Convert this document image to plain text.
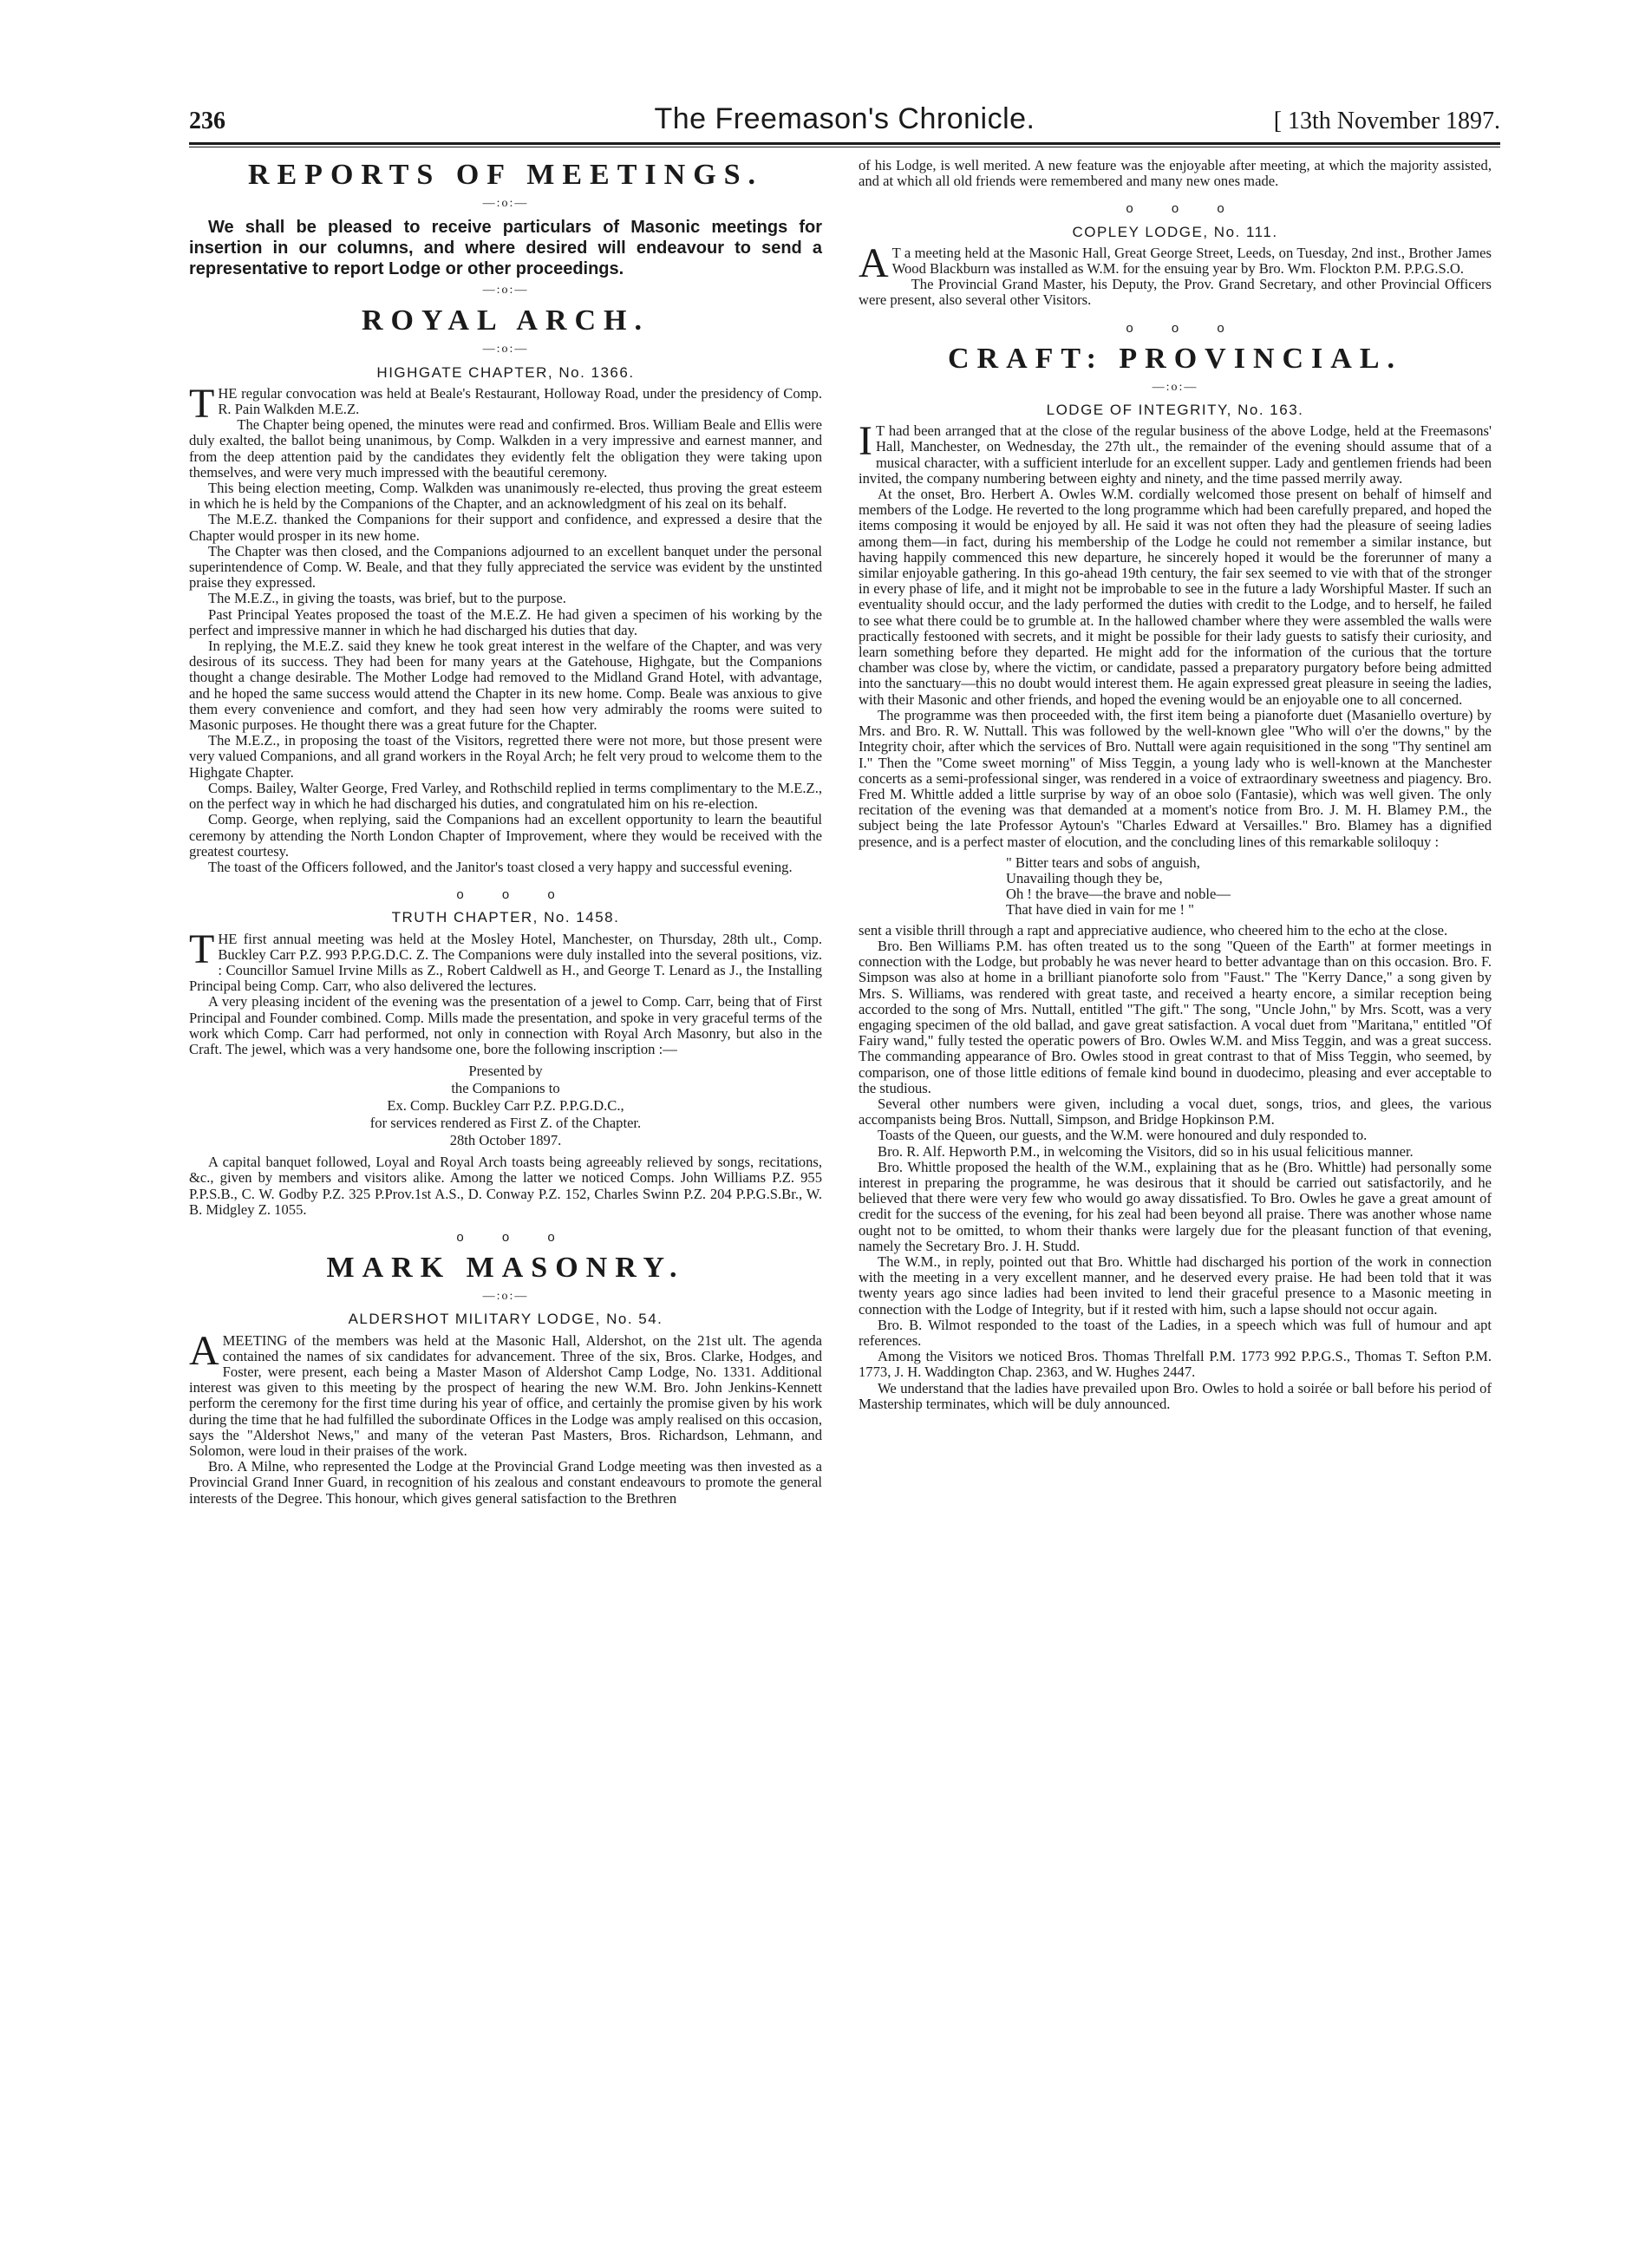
236	The Freemason's Chronicle.	[ 13th November 1897.
REPORTS OF MEETINGS.
—:o:—

We shall be pleased to receive particulars of Masonic meetings for insertion in our columns, and where desired will endeavour to send a representative to report Lodge or other proceedings.

—:o:—
ROYAL ARCH.
—:o:—
HIGHGATE CHAPTER, No. 1366.

THE regular convocation was held at Beale's Restaurant, Holloway Road, under the presidency of Comp. R. Pain Walkden M.E.Z.

The Chapter being opened, the minutes were read and confirmed. Bros. William Beale and Ellis were duly exalted, the ballot being unanimous, by Comp. Walkden in a very impressive and earnest manner, and from the deep attention paid by the candidates they evidently felt the obligation they were taking upon themselves, and were very much impressed with the beautiful ceremony.

This being election meeting, Comp. Walkden was unanimously re-elected, thus proving the great esteem in which he is held by the Companions of the Chapter, and an acknowledgment of his zeal on its behalf.

The M.E.Z. thanked the Companions for their support and confidence, and expressed a desire that the Chapter would prosper in its new home.

The Chapter was then closed, and the Companions adjourned to an excellent banquet under the personal superintendence of Comp. W. Beale, and that they fully appreciated the service was evident by the unstinted praise they expressed.

The M.E.Z., in giving the toasts, was brief, but to the purpose.

Past Principal Yeates proposed the toast of the M.E.Z. He had given a specimen of his working by the perfect and impressive manner in which he had discharged his duties that day.

In replying, the M.E.Z. said they knew he took great interest in the welfare of the Chapter, and was very desirous of its success. They had been for many years at the Gatehouse, Highgate, but the Companions thought a change desirable. The Mother Lodge had removed to the Midland Grand Hotel, with advantage, and he hoped the same success would attend the Chapter in its new home. Comp. Beale was anxious to give them every convenience and comfort, and they had seen how very admirably the rooms were suited to Masonic purposes. He thought there was a great future for the Chapter.

The M.E.Z., in proposing the toast of the Visitors, regretted there were not more, but those present were very valued Companions, and all grand workers in the Royal Arch; he felt very proud to welcome them to the Highgate Chapter.

Comps. Bailey, Walter George, Fred Varley, and Rothschild replied in terms complimentary to the M.E.Z., on the perfect way in which he had discharged his duties, and congratulated him on his re-election.

Comp. George, when replying, said the Companions had an excellent opportunity to learn the beautiful ceremony by attending the North London Chapter of Improvement, where they would be received with the greatest courtesy.

The toast of the Officers followed, and the Janitor's toast closed a very happy and successful evening.

o o o
TRUTH CHAPTER, No. 1458.

THE first annual meeting was held at the Mosley Hotel, Manchester, on Thursday, 28th ult., Comp. Buckley Carr P.Z. 993 P.P.G.D.C. Z. The Companions were duly installed into the several positions, viz. : Councillor Samuel Irvine Mills as Z., Robert Caldwell as H., and George T. Lenard as J., the Installing Principal being Comp. Carr, who also delivered the lectures.

A very pleasing incident of the evening was the presentation of a jewel to Comp. Carr, being that of First Principal and Founder combined. Comp. Mills made the presentation, and spoke in very graceful terms of the work which Comp. Carr had performed, not only in connection with Royal Arch Masonry, but also in the Craft. The jewel, which was a very handsome one, bore the following inscription :—

Presented by

the Companions to

Ex. Comp. Buckley Carr P.Z. P.P.G.D.C.,

for services rendered as First Z. of the Chapter.

28th October 1897.

A capital banquet followed, Loyal and Royal Arch toasts being agreeably relieved by songs, recitations, &c., given by members and visitors alike. Among the latter we noticed Comps. John Williams P.Z. 955 P.P.S.B., C. W. Godby P.Z. 325 P.Prov.1st A.S., D. Conway P.Z. 152, Charles Swinn P.Z. 204 P.P.G.S.Br., W. B. Midgley Z. 1055.

o o o
MARK MASONRY.
—:o:—
ALDERSHOT MILITARY LODGE, No. 54.

AMEETING of the members was held at the Masonic Hall, Aldershot, on the 21st ult. The agenda contained the names of six candidates for advancement. Three of the six, Bros. Clarke, Hodges, and Foster, were present, each being a Master Mason of Aldershot Camp Lodge, No. 1331. Additional interest was given to this meeting by the prospect of hearing the new W.M. Bro. John Jenkins-Kennett perform the ceremony for the first time during his year of office, and certainly the promise given by his work during the time that he had fulfilled the subordinate Offices in the Lodge was amply realised on this occasion, says the "Aldershot News," and many of the veteran Past Masters, Bros. Richardson, Lehmann, and Solomon, were loud in their praises of the work.

Bro. A Milne, who represented the Lodge at the Provincial Grand Lodge meeting was then invested as a Provincial Grand Inner Guard, in recognition of his zealous and constant endeavours to promote the general interests of the Degree. This honour, which gives general satisfaction to the Brethren

of his Lodge, is well merited. A new feature was the enjoyable after meeting, at which the majority assisted, and at which all old friends were remembered and many new ones made.

o o o
COPLEY LODGE, No. 111.

A T a meeting held at the Masonic Hall, Great George Street, Leeds, on Tuesday, 2nd inst., Brother James Wood Blackburn was installed as W.M. for the ensuing year by Bro. Wm. Flockton P.M. P.P.G.S.O.

The Provincial Grand Master, his Deputy, the Prov. Grand Secretary, and other Provincial Officers were present, also several other Visitors.

o o o
CRAFT: PROVINCIAL.
—:o:—
LODGE OF INTEGRITY, No. 163.

I T had been arranged that at the close of the regular business of the above Lodge, held at the Freemasons' Hall, Manchester, on Wednesday, the 27th ult., the remainder of the evening should assume that of a musical character, with a sufficient interlude for an excellent supper. Lady and gentlemen friends had been invited, the company numbering between eighty and ninety, and the time passed merrily away.

At the onset, Bro. Herbert A. Owles W.M. cordially welcomed those present on behalf of himself and members of the Lodge. He reverted to the long programme which had been carefully prepared, and hoped the items composing it would be enjoyed by all. He said it was not often they had the pleasure of seeing ladies among them—in fact, during his membership of the Lodge he could not remember a similar instance, but having happily commenced this new departure, he sincerely hoped it would be the forerunner of many a similar enjoyable gathering. In this go-ahead 19th century, the fair sex seemed to vie with that of the stronger in every phase of life, and it might not be improbable to see in the future a lady Worshipful Master. If such an eventuality should occur, and the lady performed the duties with credit to the Lodge, and to herself, he failed to see what there could be to grumble at. In the hallowed chamber where they were assembled the walls were practically festooned with secrets, and it might be possible for their lady guests to satisfy their curiosity, and learn something before they departed. He might add for the information of the curious that the torture chamber was close by, where the victim, or candidate, passed a preparatory purgatory before being admitted into the sanctuary—this no doubt would interest them. He again expressed great pleasure in seeing the ladies, with their Masonic and other friends, and hoped the evening would be an enjoyable one to all concerned.

The programme was then proceeded with, the first item being a pianoforte duet (Masaniello overture) by Mrs. and Bro. R. W. Nuttall. This was followed by the well-known glee "Who will o'er the downs," by the Integrity choir, after which the services of Bro. Nuttall were again requisitioned in the song "Thy sentinel am I." Then the "Come sweet morning" of Miss Teggin, a young lady who is well-known at the Manchester concerts as a semi-professional singer, was rendered in a voice of extraordinary sweetness and piagency. Bro. Fred M. Whittle added a little surprise by way of an oboe solo (Fantasie), which was well given. The only recitation of the evening was that demanded at a moment's notice from Bro. J. M. H. Blamey P.M., the subject being the late Professor Aytoun's "Charles Edward at Versailles." Bro. Blamey has a dignified presence, and is a perfect master of elocution, and the concluding lines of this remarkable soliloquy :

" Bitter tears and sobs of anguish,
Unavailing though they be,
Oh ! the brave—the brave and noble—
That have died in vain for me ! "

sent a visible thrill through a rapt and appreciative audience, who cheered him to the echo at the close.

Bro. Ben Williams P.M. has often treated us to the song "Queen of the Earth" at former meetings in connection with the Lodge, but probably he was never heard to better advantage than on this occasion. Bro. F. Simpson was also at home in a brilliant pianoforte solo from "Faust." The "Kerry Dance," a song given by Mrs. S. Williams, was rendered with great taste, and received a hearty encore, a similar reception being accorded to the song of Mrs. Nuttall, entitled "The gift." The song, "Uncle John," by Mrs. Scott, was a very engaging specimen of the old ballad, and gave great satisfaction. A vocal duet from "Maritana," entitled "Of Fairy wand," fully tested the operatic powers of Bro. Owles W.M. and Miss Teggin, and was a great success. The commanding appearance of Bro. Owles stood in great contrast to that of Miss Teggin, who seemed, by comparison, one of those little editions of female kind bound in duodecimo, pleasing and ever acceptable to the studious.

Several other numbers were given, including a vocal duet, songs, trios, and glees, the various accompanists being Bros. Nuttall, Simpson, and Bridge Hopkinson P.M.

Toasts of the Queen, our guests, and the W.M. were honoured and duly responded to.

Bro. R. Alf. Hepworth P.M., in welcoming the Visitors, did so in his usual felicitious manner.

Bro. Whittle proposed the health of the W.M., explaining that as he (Bro. Whittle) had personally some interest in preparing the programme, he was desirous that it should be carried out satisfactorily, and he believed that there were very few who would go away dissatisfied. To Bro. Owles he gave a great amount of credit for the success of the evening, for his zeal had been beyond all praise. There was another whose name ought not to be omitted, to whom their thanks were largely due for the pleasant function of that evening, namely the Secretary Bro. J. H. Studd.

The W.M., in reply, pointed out that Bro. Whittle had discharged his portion of the work in connection with the meeting in a very excellent manner, and he deserved every praise. He had been told that it was twenty years ago since ladies had been invited to lend their graceful presence to a Masonic meeting in connection with the Lodge of Integrity, but if it rested with him, such a lapse should not occur again.

Bro. B. Wilmot responded to the toast of the Ladies, in a speech which was full of humour and apt references.

Among the Visitors we noticed Bros. Thomas Threlfall P.M. 1773 992 P.P.G.S., Thomas T. Sefton P.M. 1773, J. H. Waddington Chap. 2363, and W. Hughes 2447.

We understand that the ladies have prevailed upon Bro. Owles to hold a soirée or ball before his period of Mastership terminates, which will be duly announced.
